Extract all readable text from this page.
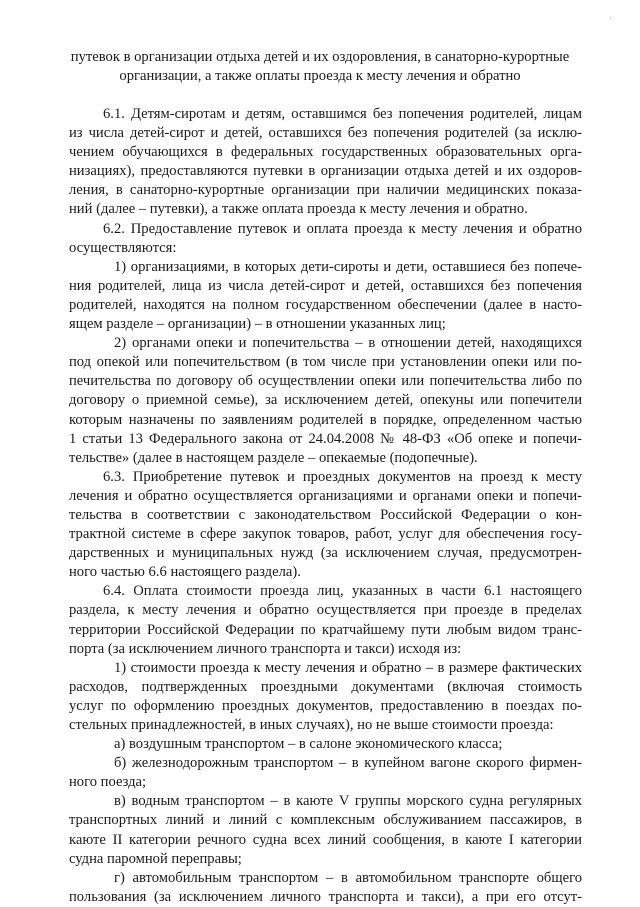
·
путевок в организации отдыха детей и их оздоровления, в санаторно-курортные
организации, а также оплаты проезда к месту лечения и обратно
6.1. Детям-сиротам и детям, оставшимся без попечения родителей, лицам
из числа детей-сирот и детей, оставшихся без попечения родителей (за исклю-
чением обучающихся в федеральных государственных образовательных орга-
низациях), предоставляются путевки в организации отдыха детей и их оздоров-
ления, в санаторно-курортные организации при наличии медицинских показа-
ний (далее – путевки), а также оплата проезда к месту лечения и обратно.
6.2. Предоставление путевок и оплата проезда к месту лечения и обратно
осуществляются:
1) организациями, в которых дети-сироты и дети, оставшиеся без попече-
ния родителей, лица из числа детей-сирот и детей, оставшихся без попечения
родителей, находятся на полном государственном обеспечении (далее в насто-
ящем разделе – организации) – в отношении указанных лиц;
2) органами опеки и попечительства – в отношении детей, находящихся
под опекой или попечительством (в том числе при установлении опеки или по-
печительства по договору об осуществлении опеки или попечительства либо по
договору о приемной семье), за исключением детей, опекуны или попечители
которым назначены по заявлениям родителей в порядке, определенном частью
1 статьи 13 Федерального закона от 24.04.2008 № 48-ФЗ «Об опеке и попечи-
тельстве» (далее в настоящем разделе – опекаемые (подопечные).
6.3. Приобретение путевок и проездных документов на проезд к месту
лечения и обратно осуществляется организациями и органами опеки и попечи-
тельства в соответствии с законодательством Российской Федерации о кон-
трактной системе в сфере закупок товаров, работ, услуг для обеспечения госу-
дарственных и муниципальных нужд (за исключением случая, предусмотрен-
ного частью 6.6 настоящего раздела).
6.4. Оплата стоимости проезда лиц, указанных в части 6.1 настоящего
раздела, к месту лечения и обратно осуществляется при проезде в пределах
территории Российской Федерации по кратчайшему пути любым видом транс-
порта (за исключением личного транспорта и такси) исходя из:
1) стоимости проезда к месту лечения и обратно – в размере фактических
расходов, подтвержденных проездными документами (включая стоимость
услуг по оформлению проездных документов, предоставлению в поездах по-
стельных принадлежностей, в иных случаях), но не выше стоимости проезда:
а) воздушным транспортом – в салоне экономического класса;
б) железнодорожным транспортом – в купейном вагоне скорого фирмен-
ного поезда;
в) водным транспортом – в каюте V группы морского судна регулярных
транспортных линий и линий с комплексным обслуживанием пассажиров, в
каюте II категории речного судна всех линий сообщения, в каюте I категории
судна паромной переправы;
г) автомобильным транспортом – в автомобильном транспорте общего
пользования (за исключением личного транспорта и такси), а при его отсут-
